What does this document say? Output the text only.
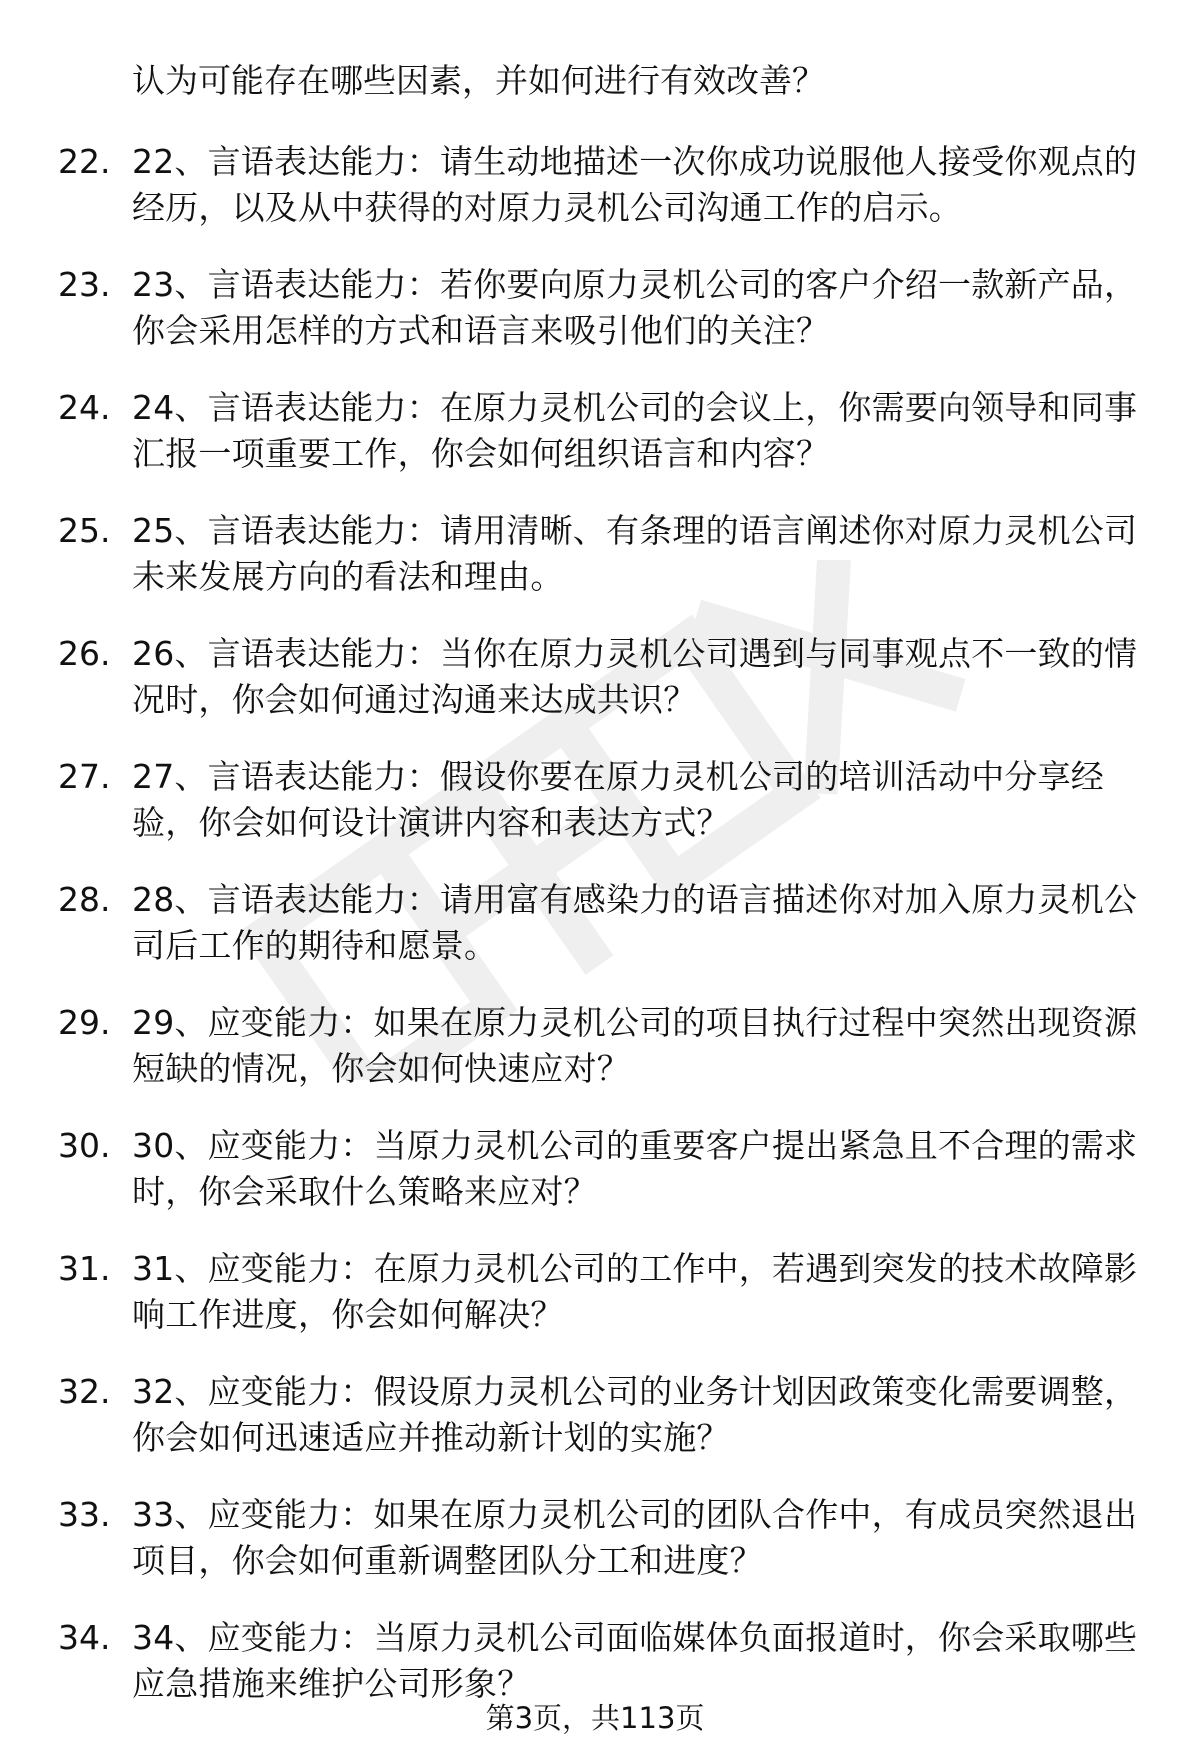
认为可能存在哪些因素，并如何进行有效改善？

22. 22、言语表达能力：请生动地描述一次你成功说服他人接受你观点的经历，以及从中获得的对原力灵机公司沟通工作的启示。
23. 23、言语表达能力：若你要向原力灵机公司的客户介绍一款新产品，你会采用怎样的方式和语言来吸引他们的关注？
24. 24、言语表达能力：在原力灵机公司的会议上，你需要向领导和同事汇报一项重要工作，你会如何组织语言和内容？
25. 25、言语表达能力：请用清晰、有条理的语言阐述你对原力灵机公司未来发展方向的看法和理由。
26. 26、言语表达能力：当你在原力灵机公司遇到与同事观点不一致的情况时，你会如何通过沟通来达成共识？
27. 27、言语表达能力：假设你要在原力灵机公司的培训活动中分享经验，你会如何设计演讲内容和表达方式？
28. 28、言语表达能力：请用富有感染力的语言描述你对加入原力灵机公司后工作的期待和愿景。
29. 29、应变能力：如果在原力灵机公司的项目执行过程中突然出现资源短缺的情况，你会如何快速应对？
30. 30、应变能力：当原力灵机公司的重要客户提出紧急且不合理的需求时，你会采取什么策略来应对？
31. 31、应变能力：在原力灵机公司的工作中，若遇到突发的技术故障影响工作进度，你会如何解决？
32. 32、应变能力：假设原力灵机公司的业务计划因政策变化需要调整，你会如何迅速适应并推动新计划的实施？
33. 33、应变能力：如果在原力灵机公司的团队合作中，有成员突然退出项目，你会如何重新调整团队分工和进度？
34. 34、应变能力：当原力灵机公司面临媒体负面报道时，你会采取哪些应急措施来维护公司形象？
第3页，共113页
